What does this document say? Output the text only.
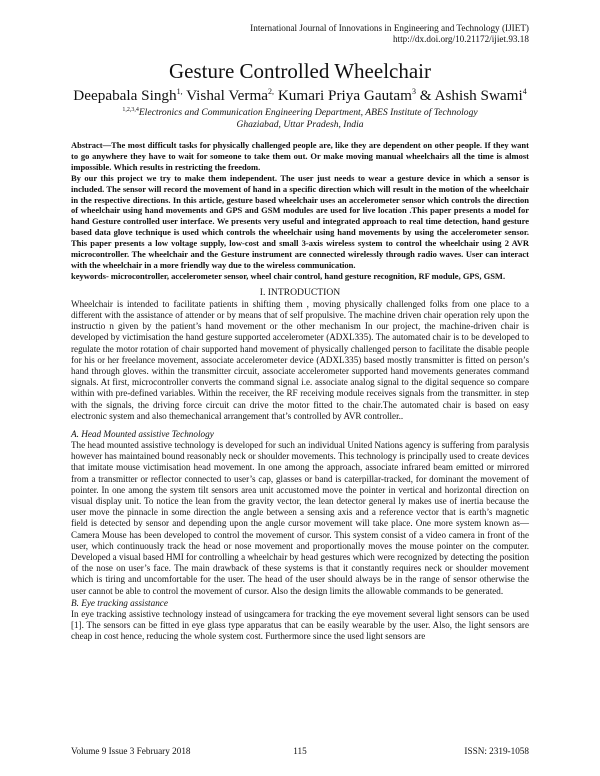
International Journal of Innovations in Engineering and Technology (IJIET)
http://dx.doi.org/10.21172/ijiet.93.18
Gesture Controlled Wheelchair
Deepabala Singh$^{1,}$ Vishal Verma$^{2,}$ Kumari Priya Gautam$^3$ & Ashish Swami$^4$
$^{1,2,3,4}$Electronics and Communication Engineering Department, ABES Institute of Technology
Ghaziabad, Uttar Pradesh, India

Abstract—The most difficult tasks for physically challenged people are, like they are dependent on other people. If they want to go anywhere they have to wait for someone to take them out. Or make moving manual wheelchairs all the time is almost impossible. Which results in restricting the freedom.

By our this project we try to make them independent. The user just needs to wear a gesture device in which a sensor is included. The sensor will record the movement of hand in a specific direction which will result in the motion of the wheelchair in the respective directions. In this article, gesture based wheelchair uses an accelerometer sensor which controls the direction of wheelchair using hand movements and GPS and GSM modules are used for live location .This paper presents a model for hand Gesture controlled user interface. We presents very useful and integrated approach to real time detection, hand gesture based data glove technique is used which controls the wheelchair using hand movements by using the accelerometer sensor. This paper presents a low voltage supply, low-cost and small 3-axis wireless system to control the wheelchair using 2 AVR microcontroller. The wheelchair and the Gesture instrument are connected wirelessly through radio waves. User can interact with the wheelchair in a more friendly way due to the wireless communication.

keywords- microcontroller, accelerometer sensor, wheel chair control, hand gesture recognition, RF module, GPS, GSM.

I. INTRODUCTION

Wheelchair is intended to facilitate patients in shifting them , moving physically challenged folks from one place to a different with the assistance of attender or by means that of self propulsive. The machine driven chair operation rely upon the instructio n given by the patient’s hand movement or the other mechanism In our project, the machine-driven chair is developed by victimisation the hand gesture supported accelerometer (ADXL335). The automated chair is to be developed to regulate the motor rotation of chair supported hand movement of physically challenged person to facilitate the disable people for his or her freelance movement, associate accelerometer device (ADXL335) based mostly transmitter is fitted on person’s hand through gloves. within the transmitter circuit, associate accelerometer supported hand movements generates command signals. At first, microcontroller converts the command signal i.e. associate analog signal to the digital sequence so compare within with pre-defined variables. Within the receiver, the RF receiving module receives signals from the transmitter. in step with the signals, the driving force circuit can drive the motor fitted to the chair.The automated chair is based on easy electronic system and also themechanical arrangement that’s controlled by AVR controller..

A. Head Mounted assistive Technology

The head mounted assistive technology is developed for such an individual United Nations agency is suffering from paralysis however has maintained bound reasonably neck or shoulder movements. This technology is principally used to create devices that imitate mouse victimisation head movement. In one among the approach, associate infrared beam emitted or mirrored from a transmitter or reflector connected to user’s cap, glasses or band is caterpillar-tracked, for dominant the movement of pointer. In one among the system tilt sensors area unit accustomed move the pointer in vertical and horizontal direction on visual display unit. To notice the lean from the gravity vector, the lean detector general ly makes use of inertia because the user move the pinnacle in some direction the angle between a sensing axis and a reference vector that is earth’s magnetic field is detected by sensor and depending upon the angle cursor movement will take place. One more system known as— Camera Mouse has been developed to control the movement of cursor. This system consist of a video camera in front of the user, which continuously track the head or nose movement and proportionally moves the mouse pointer on the computer. Developed a visual based HMI for controlling a wheelchair by head gestures which were recognized by detecting the position of the nose on user’s face. The main drawback of these systems is that it constantly requires neck or shoulder movement which is tiring and uncomfortable for the user. The head of the user should always be in the range of sensor otherwise the user cannot be able to control the movement of cursor. Also the design limits the allowable commands to be generated.

B. Eye tracking assistance

In eye tracking assistive technology instead of usingcamera for tracking the eye movement several light sensors can be used [1]. The sensors can be fitted in eye glass type apparatus that can be easily wearable by the user. Also, the light sensors are cheap in cost hence, reducing the whole system cost. Furthermore since the used light sensors are

Volume 9 Issue 3 February 2018	115	ISSN: 2319-1058
